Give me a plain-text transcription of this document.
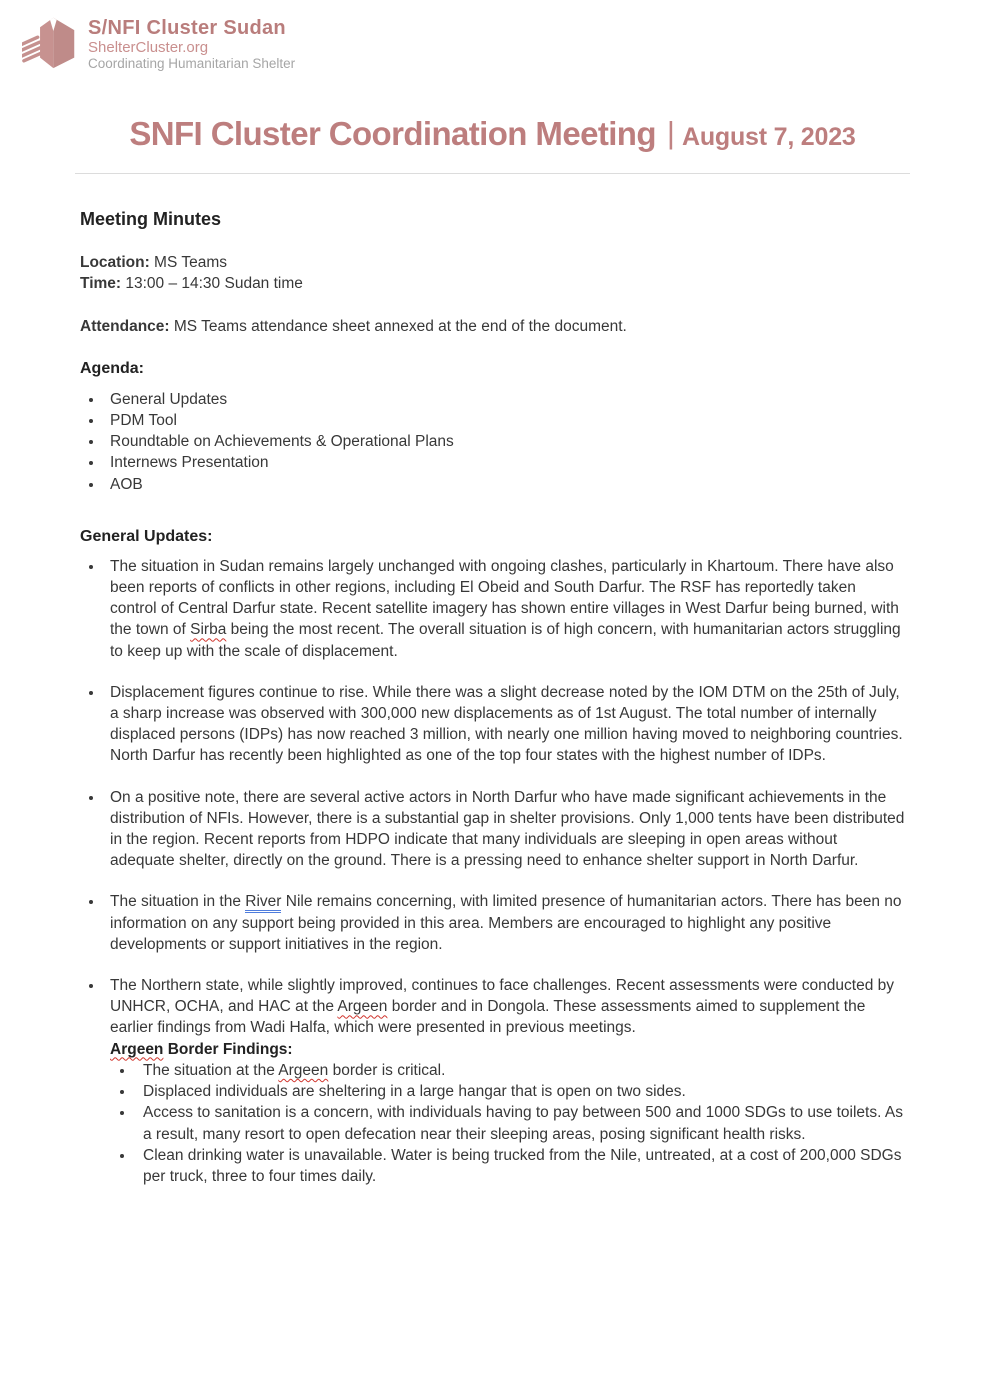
S/NFI Cluster Sudan
ShelterCluster.org
Coordinating Humanitarian Shelter
SNFI Cluster Coordination Meeting | August 7, 2023
Meeting Minutes

Location: MS Teams

Time: 13:00 – 14:30 Sudan time

Attendance: MS Teams attendance sheet annexed at the end of the document.

Agenda:
General Updates
PDM Tool
Roundtable on Achievements & Operational Plans
Internews Presentation
AOB
General Updates:
The situation in Sudan remains largely unchanged with ongoing clashes, particularly in Khartoum. There have also been reports of conflicts in other regions, including El Obeid and South Darfur. The RSF has reportedly taken control of Central Darfur state. Recent satellite imagery has shown entire villages in West Darfur being burned, with the town of Sirba being the most recent. The overall situation is of high concern, with humanitarian actors struggling to keep up with the scale of displacement.
Displacement figures continue to rise. While there was a slight decrease noted by the IOM DTM on the 25th of July, a sharp increase was observed with 300,000 new displacements as of 1st August. The total number of internally displaced persons (IDPs) has now reached 3 million, with nearly one million having moved to neighboring countries. North Darfur has recently been highlighted as one of the top four states with the highest number of IDPs.
On a positive note, there are several active actors in North Darfur who have made significant achievements in the distribution of NFIs. However, there is a substantial gap in shelter provisions. Only 1,000 tents have been distributed in the region. Recent reports from HDPO indicate that many individuals are sleeping in open areas without adequate shelter, directly on the ground. There is a pressing need to enhance shelter support in North Darfur.
The situation in the River Nile remains concerning, with limited presence of humanitarian actors. There has been no information on any support being provided in this area. Members are encouraged to highlight any positive developments or support initiatives in the region.
The Northern state, while slightly improved, continues to face challenges. Recent assessments were conducted by UNHCR, OCHA, and HAC at the Argeen border and in Dongola. These assessments aimed to supplement the earlier findings from Wadi Halfa, which were presented in previous meetings.
Argeen Border Findings:
The situation at the Argeen border is critical.
Displaced individuals are sheltering in a large hangar that is open on two sides.
Access to sanitation is a concern, with individuals having to pay between 500 and 1000 SDGs to use toilets. As a result, many resort to open defecation near their sleeping areas, posing significant health risks.
Clean drinking water is unavailable. Water is being trucked from the Nile, untreated, at a cost of 200,000 SDGs per truck, three to four times daily.
